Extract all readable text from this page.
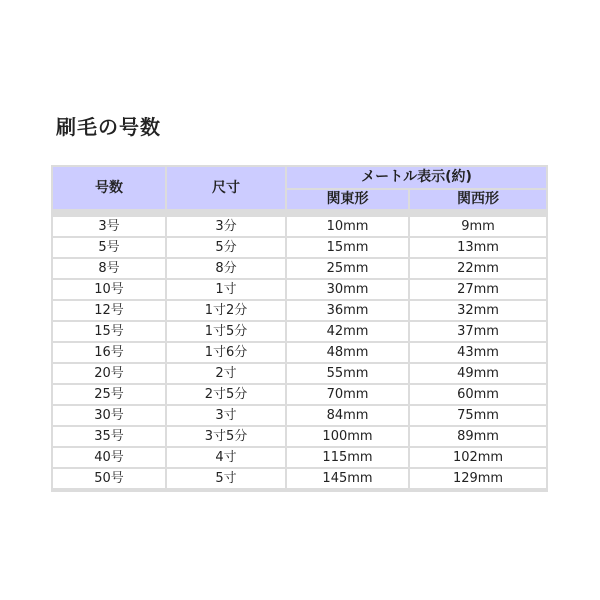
刷毛の号数
号数	尺寸	メートル表示(約)	
		関東形	関西形

3号	3分	10mm	9mm
5号	5分	15mm	13mm
8号	8分	25mm	22mm
10号	1寸	30mm	27mm
12号	1寸2分	36mm	32mm
15号	1寸5分	42mm	37mm
16号	1寸6分	48mm	43mm
20号	2寸	55mm	49mm
25号	2寸5分	70mm	60mm
30号	3寸	84mm	75mm
35号	3寸5分	100mm	89mm
40号	4寸	115mm	102mm
50号	5寸	145mm	129mm
